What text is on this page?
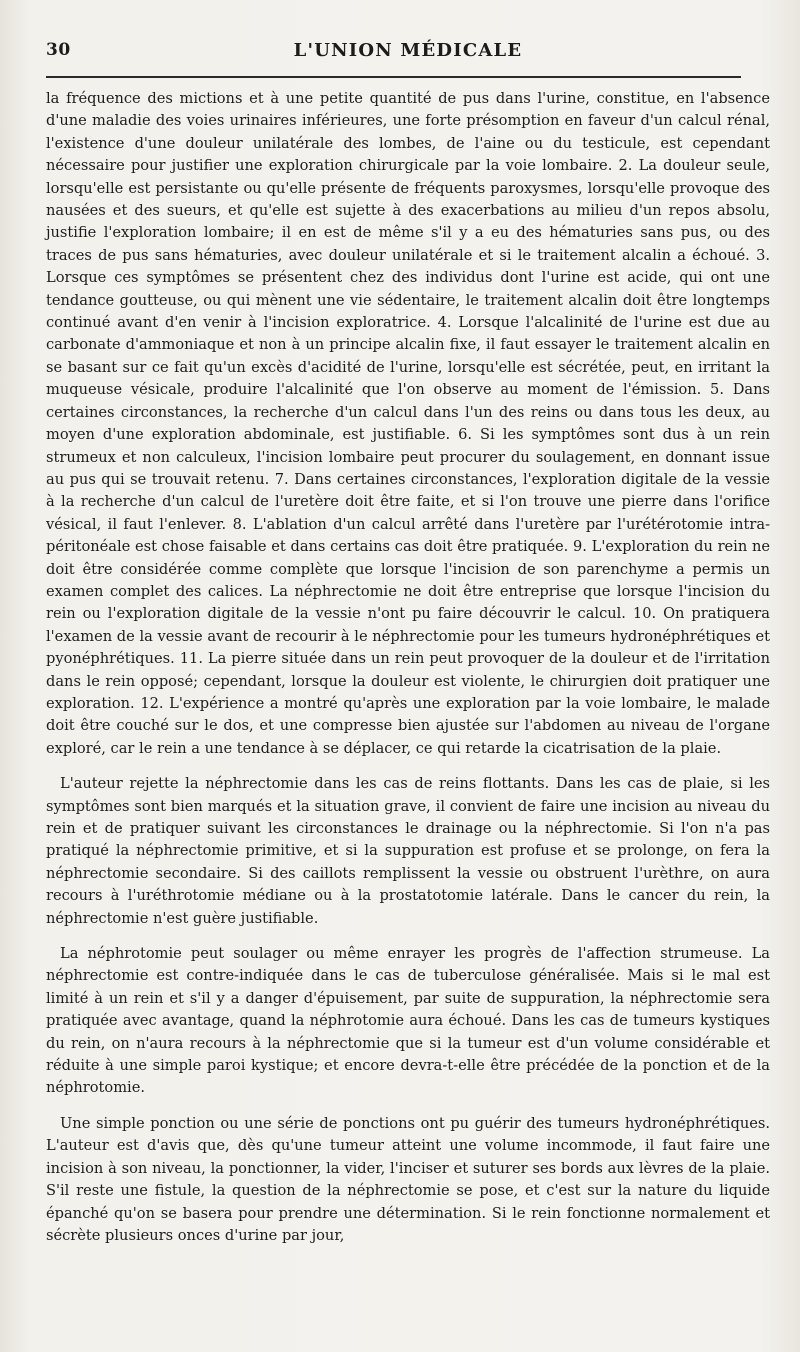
30	L'UNION MÉDICALE

la fréquence des mictions et à une petite quantité de pus dans l'urine, constitue, en l'absence d'une maladie des voies urinaires inférieures, une forte présomption en faveur d'un calcul rénal, l'existence d'une douleur unilatérale des lombes, de l'aine ou du testicule, est cependant nécessaire pour justifier une exploration chirurgicale par la voie lombaire. 2. La douleur seule, lorsqu'elle est persistante ou qu'elle présente de fréquents paroxysmes, lorsqu'elle provoque des nausées et des sueurs, et qu'elle est sujette à des exacerbations au milieu d'un repos absolu, justifie l'exploration lombaire; il en est de même s'il y a eu des hématuries sans pus, ou des traces de pus sans hématuries, avec douleur unilatérale et si le traitement alcalin a échoué. 3. Lorsque ces symptômes se présentent chez des individus dont l'urine est acide, qui ont une tendance goutteuse, ou qui mènent une vie sédentaire, le traitement alcalin doit être longtemps continué avant d'en venir à l'incision exploratrice. 4. Lorsque l'alcalinité de l'urine est due au carbonate d'ammoniaque et non à un principe alcalin fixe, il faut essayer le traitement alcalin en se basant sur ce fait qu'un excès d'acidité de l'urine, lorsqu'elle est sécrétée, peut, en irritant la muqueuse vésicale, produire l'alcalinité que l'on observe au moment de l'émission. 5. Dans certaines circonstances, la recherche d'un calcul dans l'un des reins ou dans tous les deux, au moyen d'une exploration abdominale, est justifiable. 6. Si les symptômes sont dus à un rein strumeux et non calculeux, l'incision lombaire peut procurer du soulagement, en donnant issue au pus qui se trouvait retenu. 7. Dans certaines circonstances, l'exploration digitale de la vessie à la recherche d'un calcul de l'uretère doit être faite, et si l'on trouve une pierre dans l'orifice vésical, il faut l'enlever. 8. L'ablation d'un calcul arrêté dans l'uretère par l'urétérotomie intra-péritonéale est chose faisable et dans certains cas doit être pratiquée. 9. L'exploration du rein ne doit être considérée comme complète que lorsque l'incision de son parenchyme a permis un examen complet des calices. La néphrectomie ne doit être entreprise que lorsque l'incision du rein ou l'exploration digitale de la vessie n'ont pu faire découvrir le calcul. 10. On pratiquera l'examen de la vessie avant de recourir à le néphrectomie pour les tumeurs hydronéphrétiques et pyonéphrétiques. 11. La pierre située dans un rein peut provoquer de la douleur et de l'irritation dans le rein opposé; cependant, lorsque la douleur est violente, le chirurgien doit pratiquer une exploration. 12. L'expérience a montré qu'après une exploration par la voie lombaire, le malade doit être couché sur le dos, et une compresse bien ajustée sur l'abdomen au niveau de l'organe exploré, car le rein a une tendance à se déplacer, ce qui retarde la cicatrisation de la plaie.

L'auteur rejette la néphrectomie dans les cas de reins flottants. Dans les cas de plaie, si les symptômes sont bien marqués et la situation grave, il convient de faire une incision au niveau du rein et de pratiquer suivant les circonstances le drainage ou la néphrectomie. Si l'on n'a pas pratiqué la néphrectomie primitive, et si la suppuration est profuse et se prolonge, on fera la néphrectomie secondaire. Si des caillots remplissent la vessie ou obstruent l'urèthre, on aura recours à l'uréthrotomie médiane ou à la prostatotomie latérale. Dans le cancer du rein, la néphrectomie n'est guère justifiable.

La néphrotomie peut soulager ou même enrayer les progrès de l'affection strumeuse. La néphrectomie est contre-indiquée dans le cas de tuberculose généralisée. Mais si le mal est limité à un rein et s'il y a danger d'épuisement, par suite de suppuration, la néphrectomie sera pratiquée avec avantage, quand la néphrotomie aura échoué. Dans les cas de tumeurs kystiques du rein, on n'aura recours à la néphrectomie que si la tumeur est d'un volume considérable et réduite à une simple paroi kystique; et encore devra-t-elle être précédée de la ponction et de la néphrotomie.

Une simple ponction ou une série de ponctions ont pu guérir des tumeurs hydronéphrétiques. L'auteur est d'avis que, dès qu'une tumeur atteint une volume incommode, il faut faire une incision à son niveau, la ponctionner, la vider, l'inciser et suturer ses bords aux lèvres de la plaie. S'il reste une fistule, la question de la néphrectomie se pose, et c'est sur la nature du liquide épanché qu'on se basera pour prendre une détermination. Si le rein fonctionne normalement et sécrète plusieurs onces d'urine par jour,
